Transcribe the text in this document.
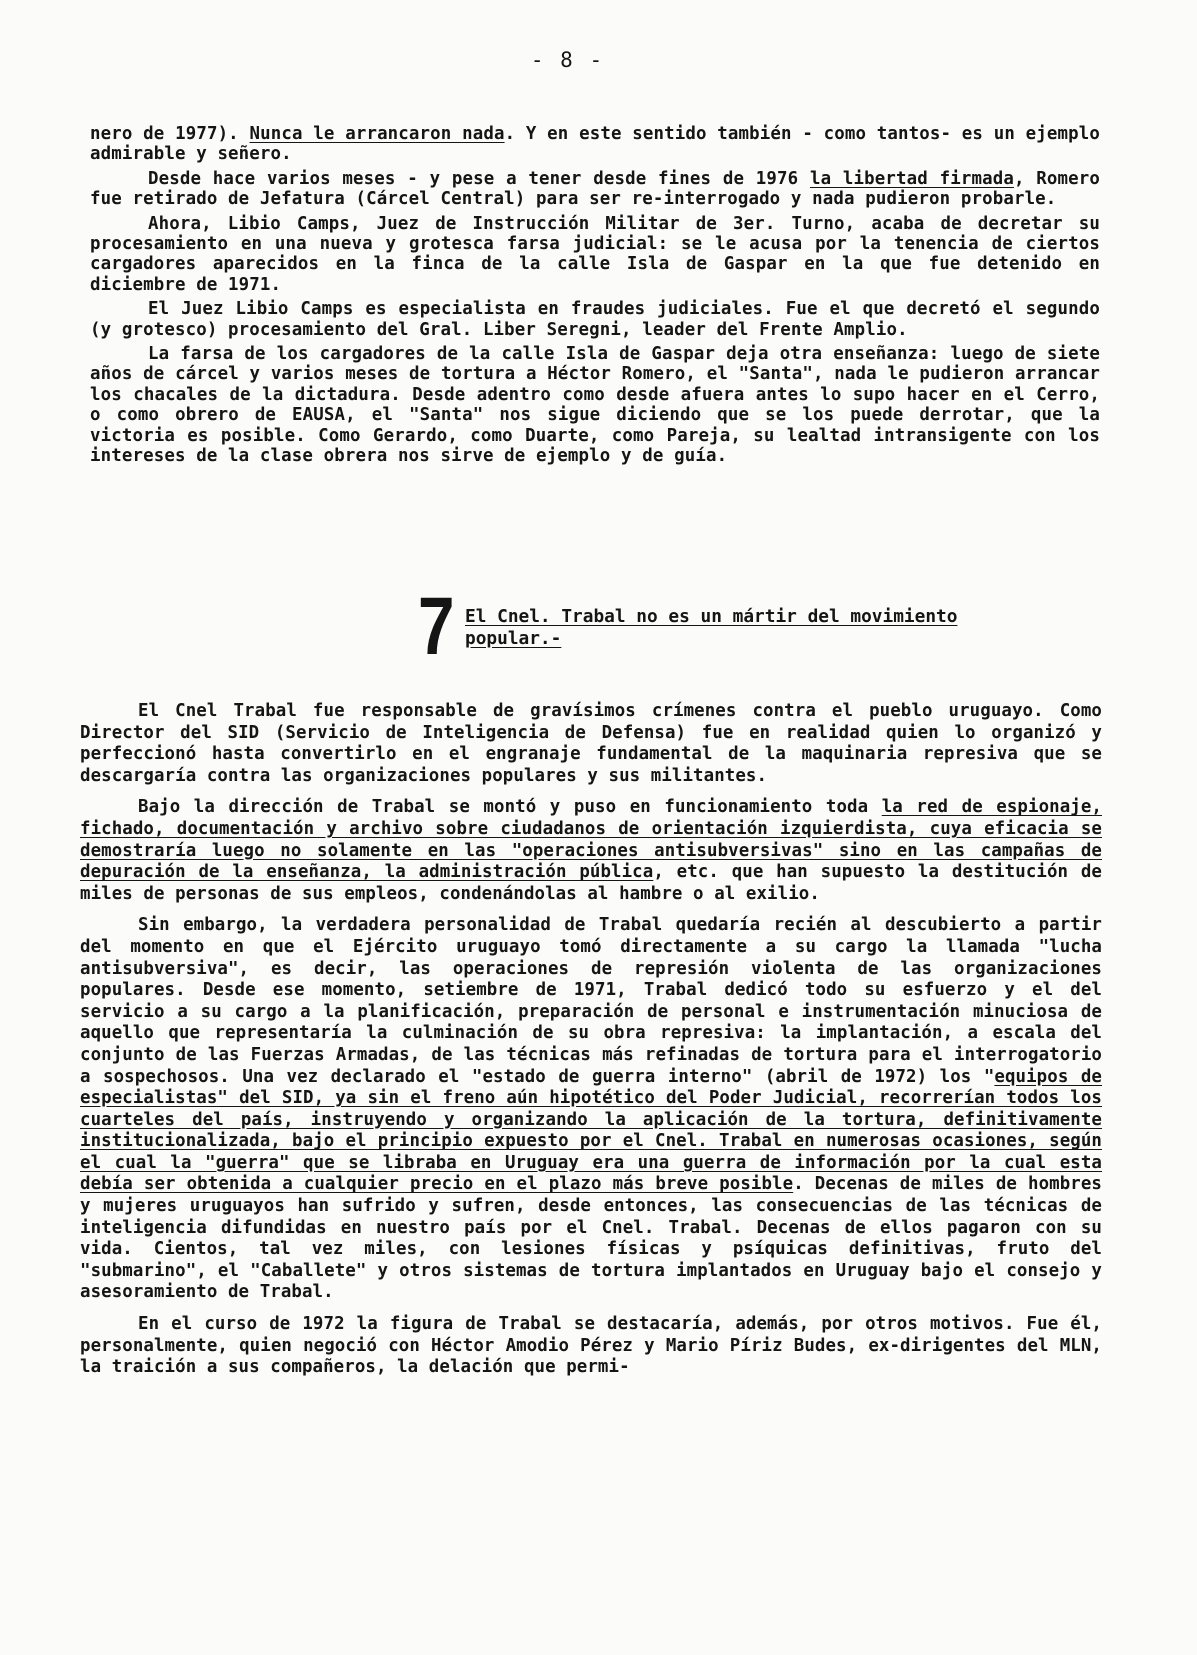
- 8 -

nero de 1977). Nunca le arrancaron nada. Y en este sentido también - como tantos- es un ejemplo admirable y señero.

Desde hace varios meses - y pese a tener desde fines de 1976 la libertad firmada, Romero fue retirado de Jefatura (Cárcel Central) para ser re-interrogado y nada pudieron probarle.

Ahora, Libio Camps, Juez de Instrucción Militar de 3er. Turno, acaba de decretar su procesamiento en una nueva y grotesca farsa judicial: se le acusa por la tenencia de ciertos cargadores aparecidos en la finca de la calle Isla de Gaspar en la que fue detenido en diciembre de 1971.

El Juez Libio Camps es especialista en fraudes judiciales. Fue el que decretó el segundo (y grotesco) procesamiento del Gral. Liber Seregni, leader del Frente Amplio.

La farsa de los cargadores de la calle Isla de Gaspar deja otra enseñanza: luego de siete años de cárcel y varios meses de tortura a Héctor Romero, el "Santa", nada le pudieron arrancar los chacales de la dictadura. Desde adentro como desde afuera antes lo supo hacer en el Cerro, o como obrero de EAUSA, el "Santa" nos sigue diciendo que se los puede derrotar, que la victoria es posible. Como Gerardo, como Duarte, como Pareja, su lealtad intransigente con los intereses de la clase obrera nos sirve de ejemplo y de guía.

7 El Cnel. Trabal no es un mártir del movimiento popular.-

El Cnel Trabal fue responsable de gravísimos crímenes contra el pueblo uruguayo. Como Director del SID (Servicio de Inteligencia de Defensa) fue en realidad quien lo organizó y perfeccionó hasta convertirlo en el engranaje fundamental de la maquinaria represiva que se descargaría contra las organizaciones populares y sus militantes.

Bajo la dirección de Trabal se montó y puso en funcionamiento toda la red de espionaje, fichado, documentación y archivo sobre ciudadanos de orientación izquierdista, cuya eficacia se demostraría luego no solamente en las "operaciones antisubversivas" sino en las campañas de depuración de la enseñanza, la administración pública, etc. que han supuesto la destitución de miles de personas de sus empleos, condenándolas al hambre o al exilio.

Sin embargo, la verdadera personalidad de Trabal quedaría recién al descubierto a partir del momento en que el Ejército uruguayo tomó directamente a su cargo la llamada "lucha antisubversiva", es decir, las operaciones de represión violenta de las organizaciones populares. Desde ese momento, setiembre de 1971, Trabal dedicó todo su esfuerzo y el del servicio a su cargo a la planificación, preparación de personal e instrumentación minuciosa de aquello que representaría la culminación de su obra represiva: la implantación, a escala del conjunto de las Fuerzas Armadas, de las técnicas más refinadas de tortura para el interrogatorio a sospechosos. Una vez declarado el "estado de guerra interno" (abril de 1972) los "equipos de especialistas" del SID, ya sin el freno aún hipotético del Poder Judicial, recorrerían todos los cuarteles del país, instruyendo y organizando la aplicación de la tortura, definitivamente institucionalizada, bajo el principio expuesto por el Cnel. Trabal en numerosas ocasiones, según el cual la "guerra" que se libraba en Uruguay era una guerra de información por la cual esta debía ser obtenida a cualquier precio en el plazo más breve posible. Decenas de miles de hombres y mujeres uruguayos han sufrido y sufren, desde entonces, las consecuencias de las técnicas de inteligencia difundidas en nuestro país por el Cnel. Trabal. Decenas de ellos pagaron con su vida. Cientos, tal vez miles, con lesiones físicas y psíquicas definitivas, fruto del "submarino", el "Caballete" y otros sistemas de tortura implantados en Uruguay bajo el consejo y asesoramiento de Trabal.

En el curso de 1972 la figura de Trabal se destacaría, además, por otros motivos. Fue él, personalmente, quien negoció con Héctor Amodio Pérez y Mario Píriz Budes, ex-dirigentes del MLN, la traición a sus compañeros, la delación que permi-
